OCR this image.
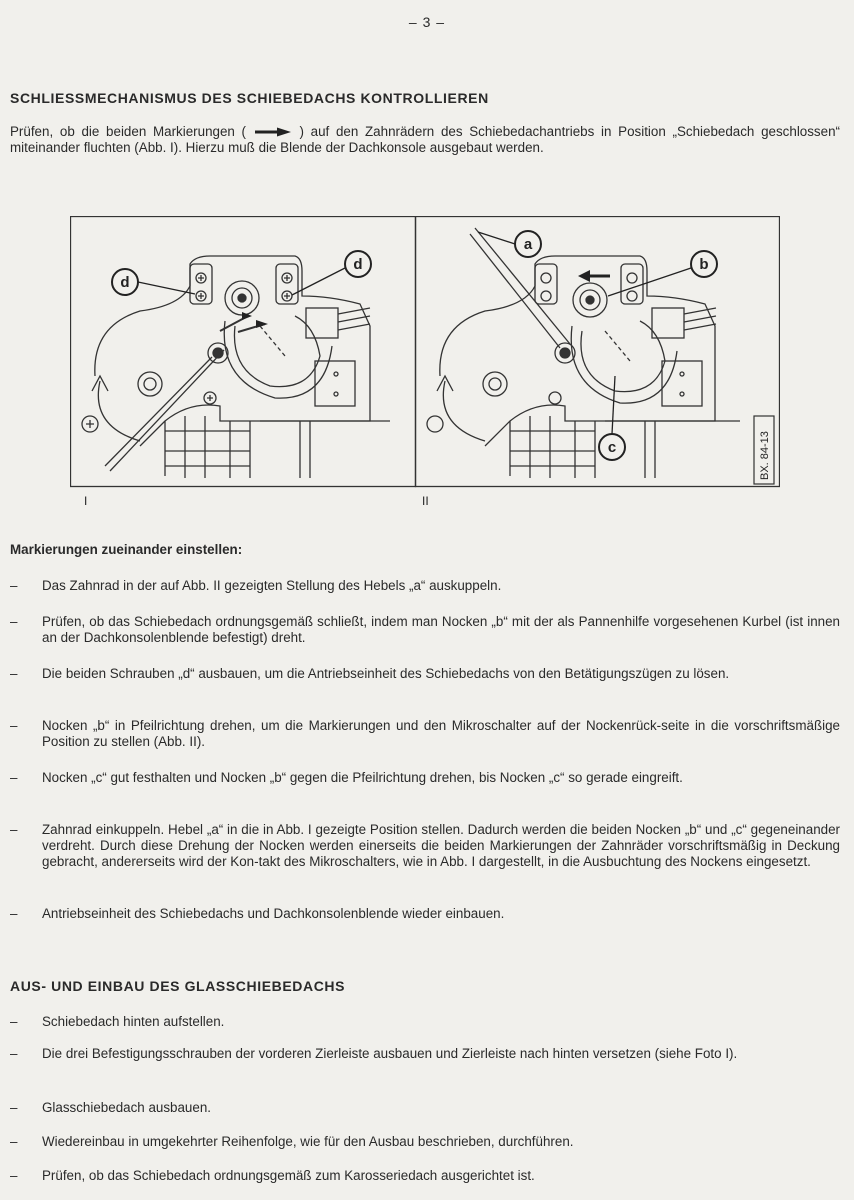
– 3 –
SCHLIESSMECHANISMUS DES SCHIEBEDACHS KONTROLLIEREN
Prüfen, ob die beiden Markierungen (	) auf den Zahnrädern des Schiebedachantriebs in Position „Schiebedach geschlossen“ miteinander fluchten (Abb. I). Hierzu muß die Blende der Dachkonsole ausgebaut werden.
d
d
a
b
c	BX. 84-13
I	II
Markierungen zueinander einstellen:
– Das Zahnrad in der auf Abb. II gezeigten Stellung des Hebels „a“ auskuppeln.
– Prüfen, ob das Schiebedach ordnungsgemäß schließt, indem man Nocken „b“ mit der als Pannenhilfe vorgesehenen Kurbel (ist innen an der Dachkonsolenblende befestigt) dreht.
– Die beiden Schrauben „d“ ausbauen, um die Antriebseinheit des Schiebedachs von den Betätigungszügen zu lösen.
– Nocken „b“ in Pfeilrichtung drehen, um die Markierungen und den Mikroschalter auf der Nockenrück-seite in die vorschriftsmäßige Position zu stellen (Abb. II).
– Nocken „c“ gut festhalten und Nocken „b“ gegen die Pfeilrichtung drehen, bis Nocken „c“ so gerade eingreift.
– Zahnrad einkuppeln. Hebel „a“ in die in Abb. I gezeigte Position stellen. Dadurch werden die beiden Nocken „b“ und „c“ gegeneinander verdreht. Durch diese Drehung der Nocken werden einerseits die beiden Markierungen der Zahnräder vorschriftsmäßig in Deckung gebracht, andererseits wird der Kon-takt des Mikroschalters, wie in Abb. I dargestellt, in die Ausbuchtung des Nockens eingesetzt.
– Antriebseinheit des Schiebedachs und Dachkonsolenblende wieder einbauen.
AUS- UND EINBAU DES GLASSCHIEBEDACHS
– Schiebedach hinten aufstellen.
– Die drei Befestigungsschrauben der vorderen Zierleiste ausbauen und Zierleiste nach hinten versetzen (siehe Foto I).
– Glasschiebedach ausbauen.
– Wiedereinbau in umgekehrter Reihenfolge, wie für den Ausbau beschrieben, durchführen.
– Prüfen, ob das Schiebedach ordnungsgemäß zum Karosseriedach ausgerichtet ist.
